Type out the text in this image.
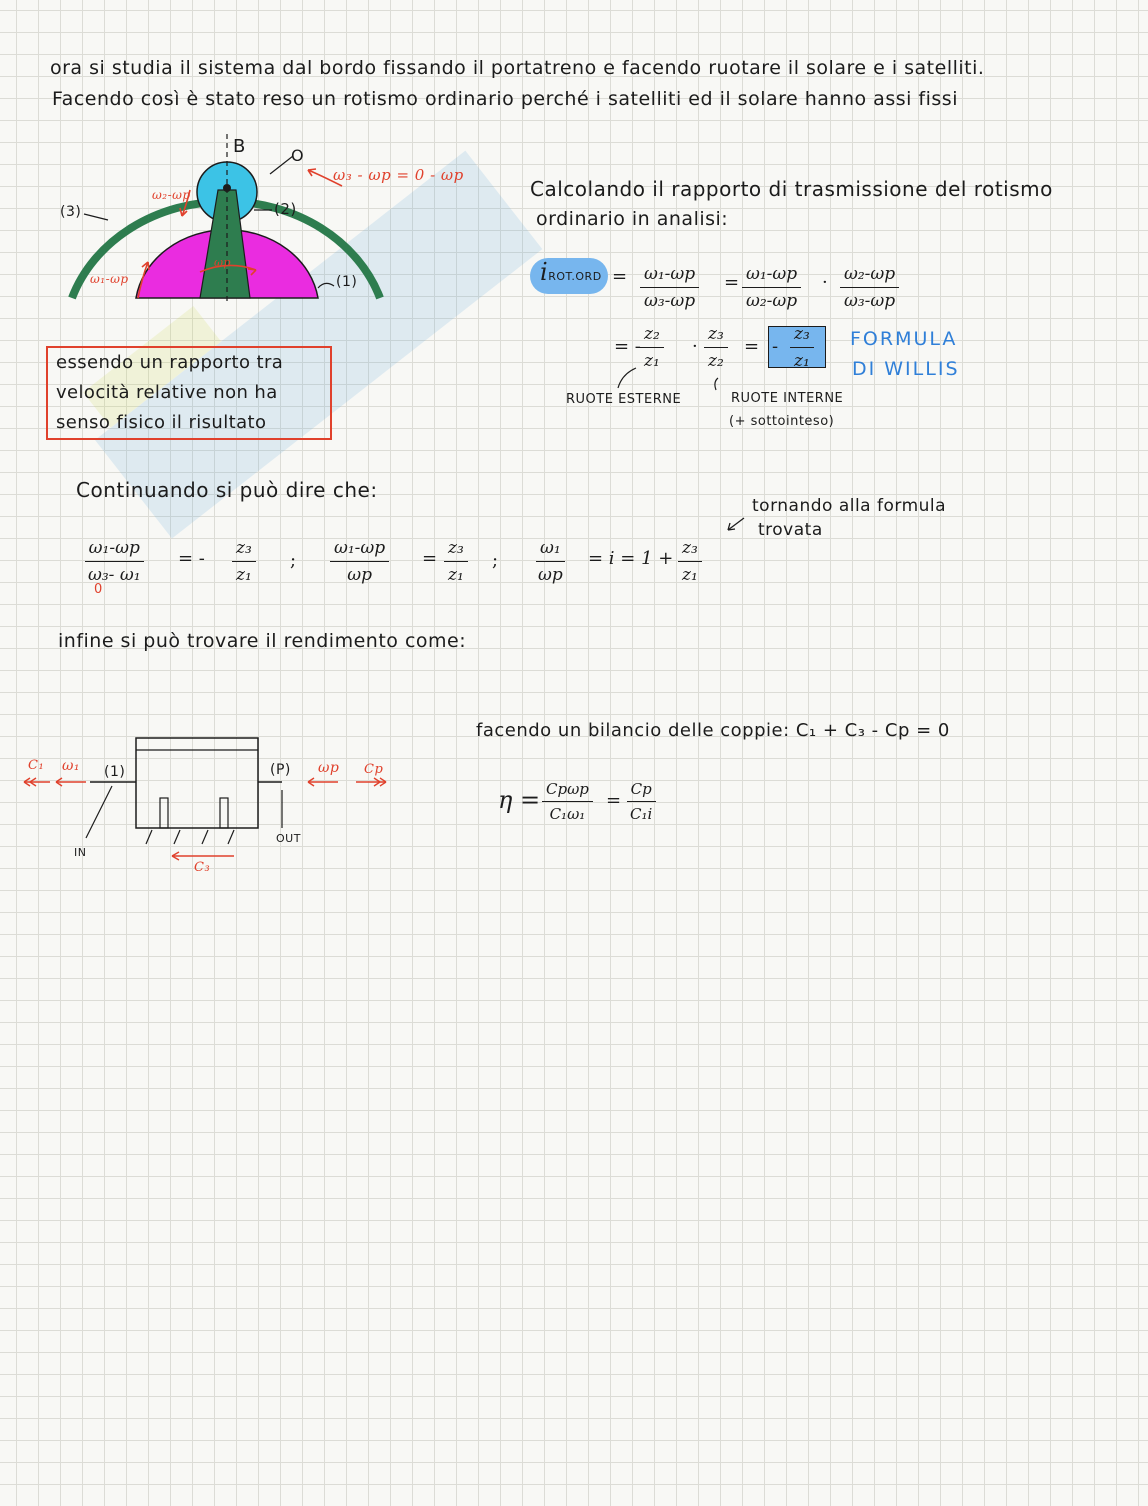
ora si studia il sistema dal bordo fissando il portatreno e facendo ruotare il solare e i satelliti.
Facendo così è stato reso un rotismo ordinario perché i satelliti ed il solare hanno assi fissi
B	O
(3)	(2)
(1)
ω₃ - ωp = 0 - ωp
ω₂-ωp
ω₁-ωp
ωp
Calcolando il rapporto di trasmissione del rotismo
ordinario in analisi:
iROT.ORD = $\frac{\text{ω₁-ωp}}{\text{ω₃-ωp}} = \frac{\text{ω₁-ωp}}{\text{ω₂-ωp}} \cdot \frac{\text{ω₂-ωp}}{\text{ω₃-ωp}}$
= - $\frac{\text{z₂}}{\text{z₁}} \cdot \frac{\text{z₃}}{\text{z₂}}$ = - $\frac{\text{z₃}}{\text{z₁}}$ FORMULA
DI WILLIS
RUOTE ESTERNE	RUOTE INTERNE
(+ sottointeso)
essendo un rapporto tra
velocità relative non ha
senso fisico il risultato
Continuando si può dire che:
tornando alla formula
trovata
$\frac{\text{ω₁-ωp}}{\text{ω₃- ω₁}}$
0
= - $\frac{\text{z₃}}{\text{z₁}}$ ; $\frac{\text{ω₁-ωp}}{\omega p} = \frac{\text{z₃}}{\text{z₁}}$ ; $\frac{\text{ω₁}}{\omega p} = i = 1 + \frac{\text{z₃}}{\text{z₁}}$
infine si può trovare il rendimento come:
facendo un bilancio delle coppie: C₁ + C₃ - Cp = 0
η = Cpωp
C₁ω₁
= $\frac{Cp}{\text{C₁i}}$
C₁ ω₁ (1)	(P) ωp Cp
IN
OUT
C₃
